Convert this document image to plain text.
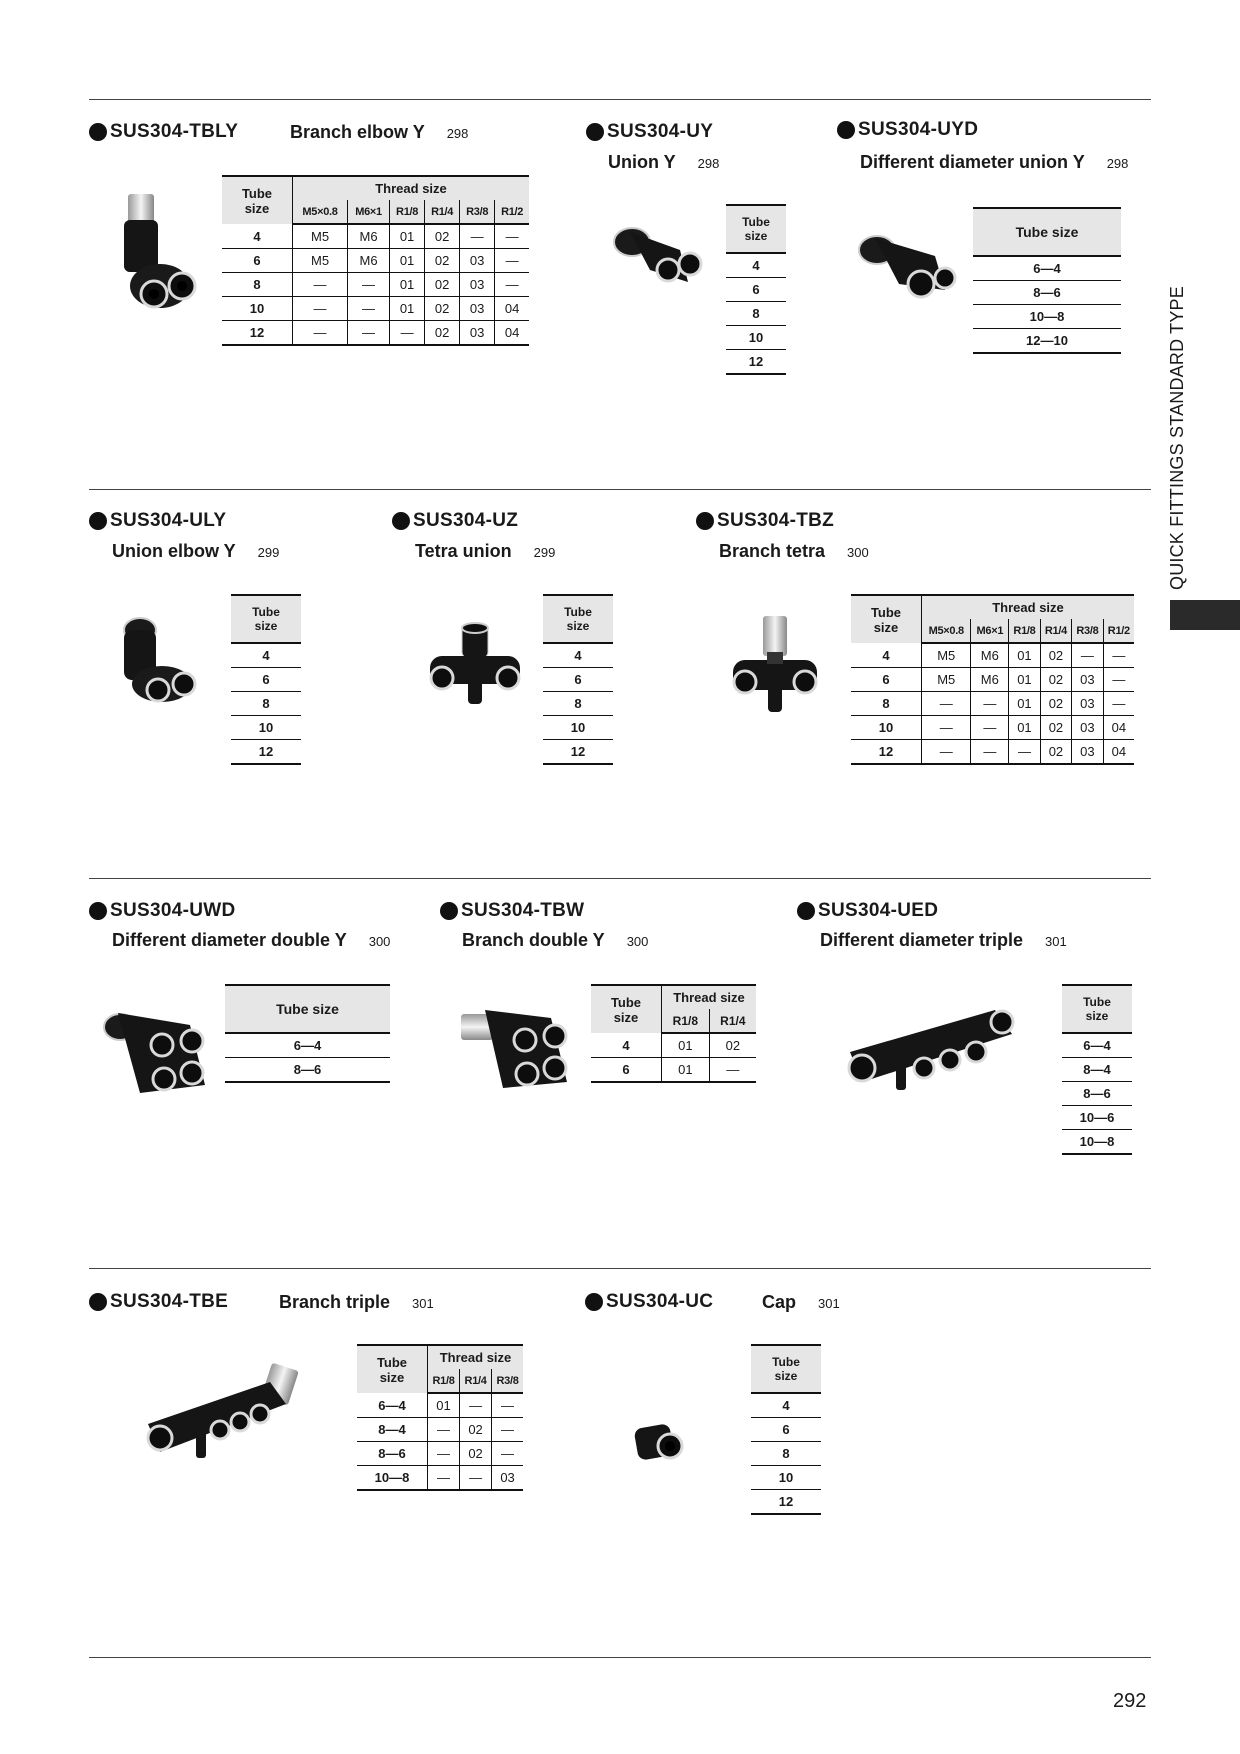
QUICK FITTINGS STANDARD TYPE
SUS304-TBLY	Branch elbow Y 298
Tube
size	Thread size					
	M5×0.8	M6×1	R1/8	R1/4	R3/8	R1/2
4	M5	M6	01	02	—	—
6	M5	M6	01	02	03	—
8	—	—	01	02	03	—
10	—	—	01	02	03	04
12	—	—	—	02	03	04
SUS304-UY
Union Y 298
Tube
size

4
6
8
10
12
SUS304-UYD
Different diameter union Y 298
Tube size
6—4
8—6
10—8
12—10
SUS304-ULY
Union elbow Y 299
Tube
size

4
6
8
10
12
SUS304-UZ
Tetra union 299
Tube
size

4
6
8
10
12
SUS304-TBZ
Branch tetra 300
Tube
size	Thread size					
	M5×0.8	M6×1	R1/8	R1/4	R3/8	R1/2
4	M5	M6	01	02	—	—
6	M5	M6	01	02	03	—
8	—	—	01	02	03	—
10	—	—	01	02	03	04
12	—	—	—	02	03	04
SUS304-UWD
Different diameter double Y 300
Tube size
6—4
8—6
SUS304-TBW
Branch double Y 300
Tube
size	Thread size	
	R1/8	R1/4
4	01	02
6	01	—
SUS304-UED
Different diameter triple 301
Tube
size

6—4
8—4
8—6
10—6
10—8
SUS304-TBE	Branch triple 301
Tube
size	Thread size		
	R1/8	R1/4	R3/8
6—4	01	—	—
8—4	—	02	—
8—6	—	02	—
10—8	—	—	03
SUS304-UC	Cap 301
Tube
size

4
6
8
10
12
292
